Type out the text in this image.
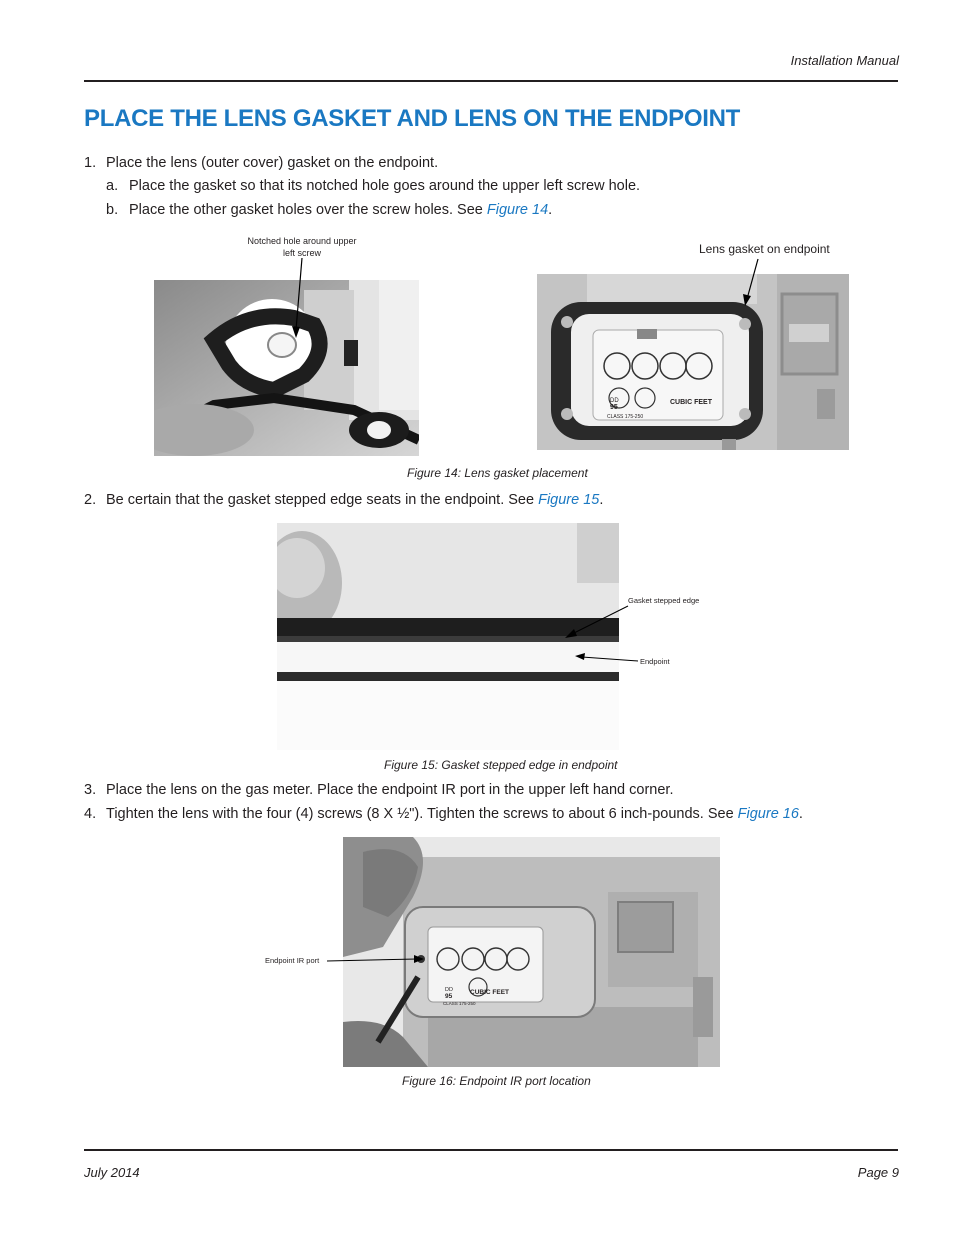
Installation Manual
PLACE THE LENS GASKET AND LENS ON THE ENDPOINT
1. Place the lens (outer cover) gasket on the endpoint.
a. Place the gasket so that its notched hole goes around the upper left screw hole.
b. Place the other gasket holes over the screw holes. See Figure 14.
Notched hole around upper
left screw	Lens gasket on endpoint
CUBIC FEET
DD
95
CLASS 175-250
Figure 14: Lens gasket placement
2. Be certain that the gasket stepped edge seats in the endpoint. See Figure 15.
Gasket stepped edge
Endpoint
Figure 15: Gasket stepped edge in endpoint
3. Place the lens on the gas meter. Place the endpoint IR port in the upper left hand corner.
4. Tighten the lens with the four (4) screws (8 X ½"). Tighten the screws to about 6 inch-pounds. See Figure 16.
CUBIC FEET
DD
95
CLASS 175-250
Endpoint IR port
Figure 16: Endpoint IR port location
July 2014	Page 9
